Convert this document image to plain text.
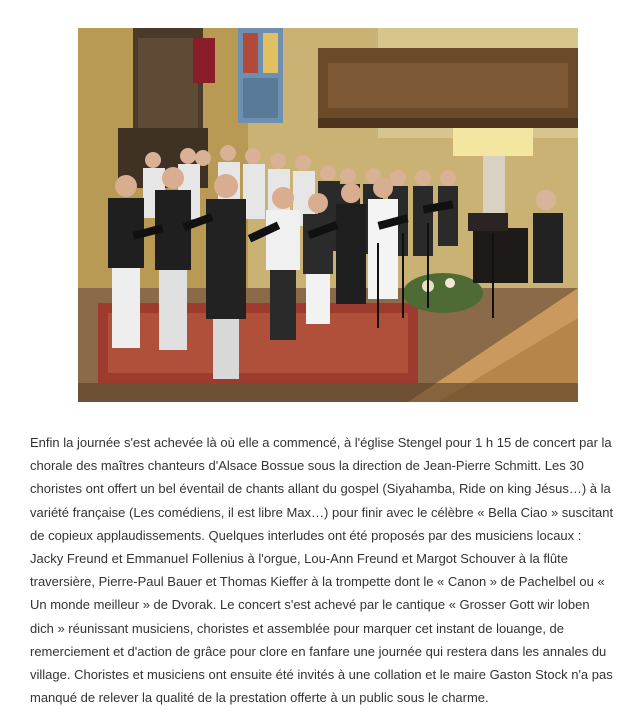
Enfin la journée s'est achevée là où elle a commencé, à l'église Stengel pour 1 h 15 de concert par la chorale des maîtres chanteurs d'Alsace Bossue sous la direction de Jean-Pierre Schmitt. Les 30 choristes ont offert un bel éventail de chants allant du gospel (Siyahamba, Ride on king Jésus…) à la variété française (Les comédiens, il est libre Max…) pour finir avec le célèbre « Bella Ciao » suscitant de copieux applaudissements. Quelques interludes ont été proposés par des musiciens locaux : Jacky Freund et Emmanuel Follenius à l'orgue, Lou-Ann Freund et Margot Schouver à la flûte traversière, Pierre-Paul Bauer et Thomas Kieffer à la trompette dont le « Canon » de Pachelbel ou « Un monde meilleur » de Dvorak. Le concert s'est achevé par le cantique « Grosser Gott wir loben dich » réunissant musiciens, choristes et assemblée pour marquer cet instant de louange, de remerciement et d'action de grâce pour clore en fanfare une journée qui restera dans les annales du village. Choristes et musiciens ont ensuite été invités à une collation et le maire Gaston Stock n'a pas manqué de relever la qualité de la prestation offerte à un public sous le charme.
